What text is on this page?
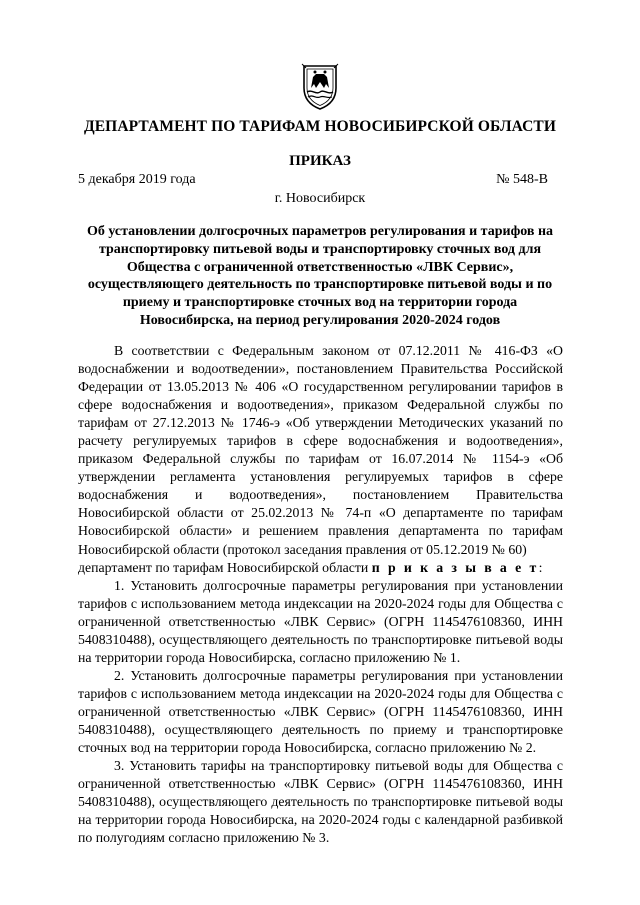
ДЕПАРТАМЕНТ ПО ТАРИФАМ НОВОСИБИРСКОЙ ОБЛАСТИ
ПРИКАЗ
5 декабря 2019 года	№ 548-В
г. Новосибирск
Об установлении долгосрочных параметров регулирования и тарифов на транспортировку питьевой воды и транспортировку сточных вод для Общества с ограниченной ответственностью «ЛВК Сервис», осуществляющего деятельность по транспортировке питьевой воды и по приему и транспортировке сточных вод на территории города Новосибирска, на период регулирования 2020-2024 годов

В соответствии с Федеральным законом от 07.12.2011 № 416-ФЗ «О водоснабжении и водоотведении», постановлением Правительства Российской Федерации от 13.05.2013 № 406 «О государственном регулировании тарифов в сфере водоснабжения и водоотведения», приказом Федеральной службы по тарифам от 27.12.2013 № 1746-э «Об утверждении Методических указаний по расчету регулируемых тарифов в сфере водоснабжения и водоотведения», приказом Федеральной службы по тарифам от 16.07.2014 № 1154-э «Об утверждении регламента установления регулируемых тарифов в сфере водоснабжения и водоотведения», постановлением Правительства Новосибирской области от 25.02.2013 № 74-п «О департаменте по тарифам Новосибирской области» и решением правления департамента по тарифам Новосибирской области (протокол заседания правления от 05.12.2019 № 60)

департамент по тарифам Новосибирской области п р и к а з ы в а е т:

1. Установить долгосрочные параметры регулирования при установлении тарифов с использованием метода индексации на 2020-2024 годы для Общества с ограниченной ответственностью «ЛВК Сервис» (ОГРН 1145476108360, ИНН 5408310488), осуществляющего деятельность по транспортировке питьевой воды на территории города Новосибирска, согласно приложению № 1.

2. Установить долгосрочные параметры регулирования при установлении тарифов с использованием метода индексации на 2020-2024 годы для Общества с ограниченной ответственностью «ЛВК Сервис» (ОГРН 1145476108360, ИНН 5408310488), осуществляющего деятельность по приему и транспортировке сточных вод на территории города Новосибирска, согласно приложению № 2.

3. Установить тарифы на транспортировку питьевой воды для Общества с ограниченной ответственностью «ЛВК Сервис» (ОГРН 1145476108360, ИНН 5408310488), осуществляющего деятельность по транспортировке питьевой воды на территории города Новосибирска, на 2020-2024 годы с календарной разбивкой по полугодиям согласно приложению № 3.
